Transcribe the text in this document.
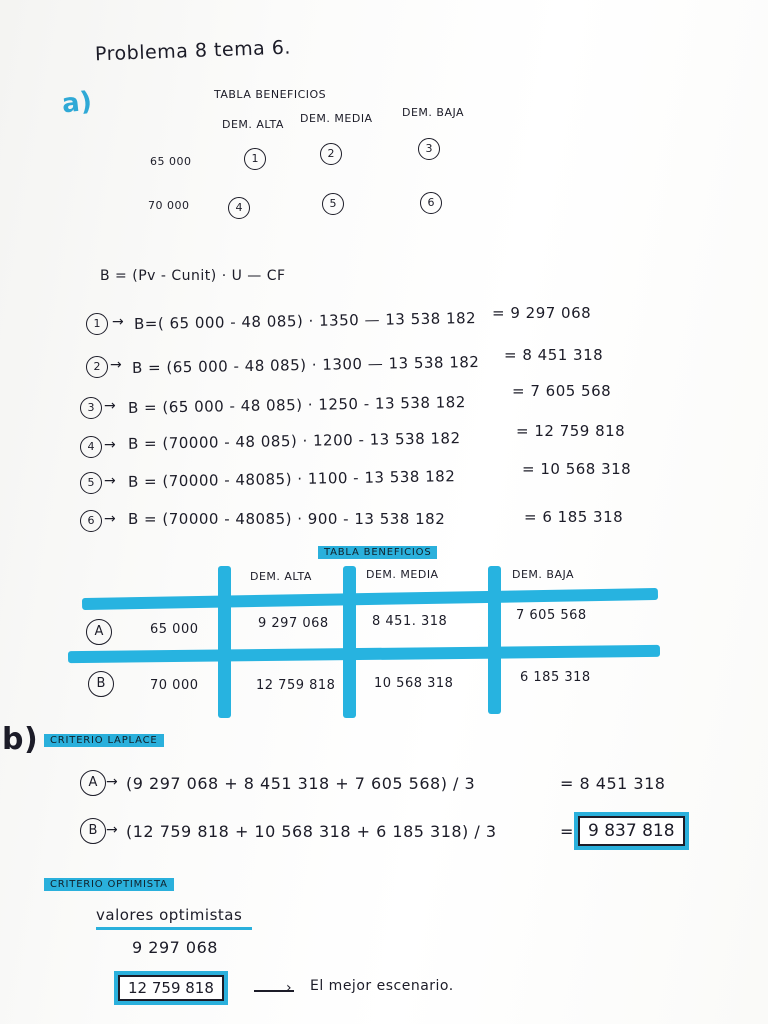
Problema 8 tema 6.
a)	TABLA BENEFICIOS
DEM. ALTA DEM. MEDIA	DEM. BAJA
65 000	1	2	3
70 000	4	5	6
B = (Pv - Cunit) · U — CF
1 → B=( 65 000 - 48 085) · 1350 — 13 538 182 = 9 297 068
2 → B = (65 000 - 48 085) · 1300 — 13 538 182 = 8 451 318
3 → B = (65 000 - 48 085) · 1250 - 13 538 182
= 7 605 568
4 → B = (70000 - 48 085) · 1200 - 13 538 182	= 12 759 818
5 → B = (70000 - 48085) · 1100 - 13 538 182	= 10 568 318
6 → B = (70000 - 48085) · 900 - 13 538 182	= 6 185 318
TABLA BENEFICIOS
DEM. ALTA	DEM. MEDIA	DEM. BAJA
A	65 000	9 297 068	8 451. 318	7 605 568
B	70 000	12 759 818	10 568 318	6 185 318
b)	CRITERIO LAPLACE
A → (9 297 068 + 8 451 318 + 7 605 568) / 3	= 8 451 318
B → (12 759 818 + 10 568 318 + 6 185 318) / 3	= 9 837 818
CRITERIO OPTIMISTA
valores optimistas
9 297 068
12 759 818	› El mejor escenario.
